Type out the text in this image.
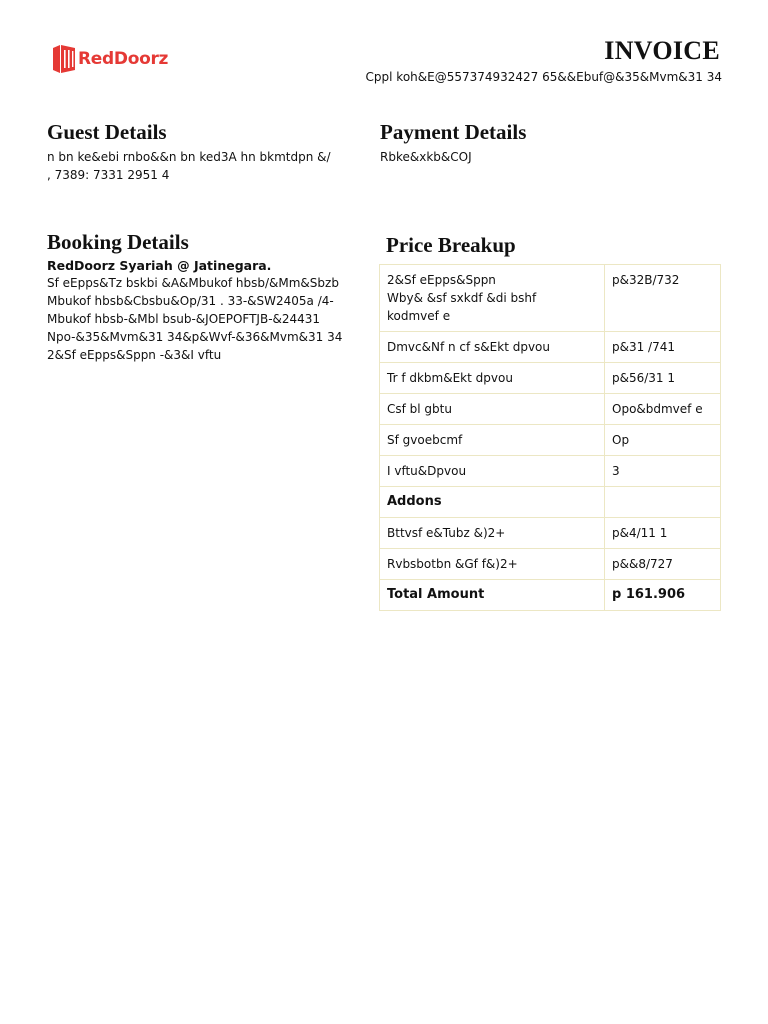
RedDoorz	INVOICE
Cppl koh&E@557374932427 65&&Ebuf@&35&Mvm&31 34
Guest Details
n bn ke&ebi rnbo&&n bn ked3A hn bkmtdpn &/
, 7389: 7331 2951 4
Payment Details
Rbke&xkb&COJ
Booking Details
RedDoorz Syariah @ Jatinegara.
Sf eEpps&Tz bskbi &A&Mbukof hbsb/&Mm&Sbzb
Mbukof hbsb&Cbsbu&Op/31 . 33-&SW2405a /4-
Mbukof hbsb-&Mbl bsub-&JOEPOFTJB-&24431
Npo-&35&Mvm&31 34&p&Wvf-&36&Mvm&31 34
2&Sf eEpps&Sppn -&3&I vftu
Price Breakup
2&Sf eEpps&Sppn
Wby& &sf sxkdf &di bshf
kodmvef e	p&32B/732
Dmvc&Nf n cf s&Ekt dpvou	p&31 /741
Tr f dkbm&Ekt dpvou	p&56/31 1
Csf bl gbtu	Opo&bdmvef e
Sf gvoebcmf	Op
I vftu&Dpvou	3
Addons	
Bttvsf e&Tubz &)2+	p&4/11 1
Rvbsbotbn &Gf f&)2+	p&&8/727
Total Amount	p 161.906
